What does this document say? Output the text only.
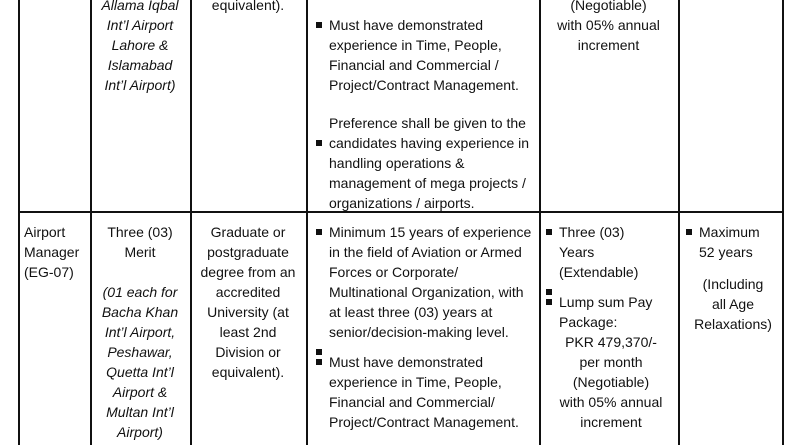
Allama Iqbal
Int’l Airport
Lahore &
Islamabad
Int’l Airport)
equivalent).
Must have demonstrated experience in Time, People, Financial and Commercial / Project/Contract Management.

Preference shall be given to the

candidates having experience in handling operations & management of mega projects / organizations / airports.
(Negotiable)
with 05% annual
increment
Airport
Manager
(EG-07)
Three (03)
Merit
(01 each for
Bacha Khan
Int’l Airport,
Peshawar,
Quetta Int’l
Airport &
Multan Int’l
Airport)
Graduate or
postgraduate
degree from an
accredited
University (at
least 2nd
Division or
equivalent).
Minimum 15 years of experience in the field of Aviation or Armed Forces or Corporate/ Multinational Organization, with at least three (03) years at senior/decision-making level.
Must have demonstrated experience in Time, People, Financial and Commercial/ Project/Contract Management.
Three (03) Years (Extendable)
Lump sum Pay Package:
PKR 479,370/-
per month
(Negotiable)
with 05% annual
increment
Maximum 52 years
(Including
all Age
Relaxations)
